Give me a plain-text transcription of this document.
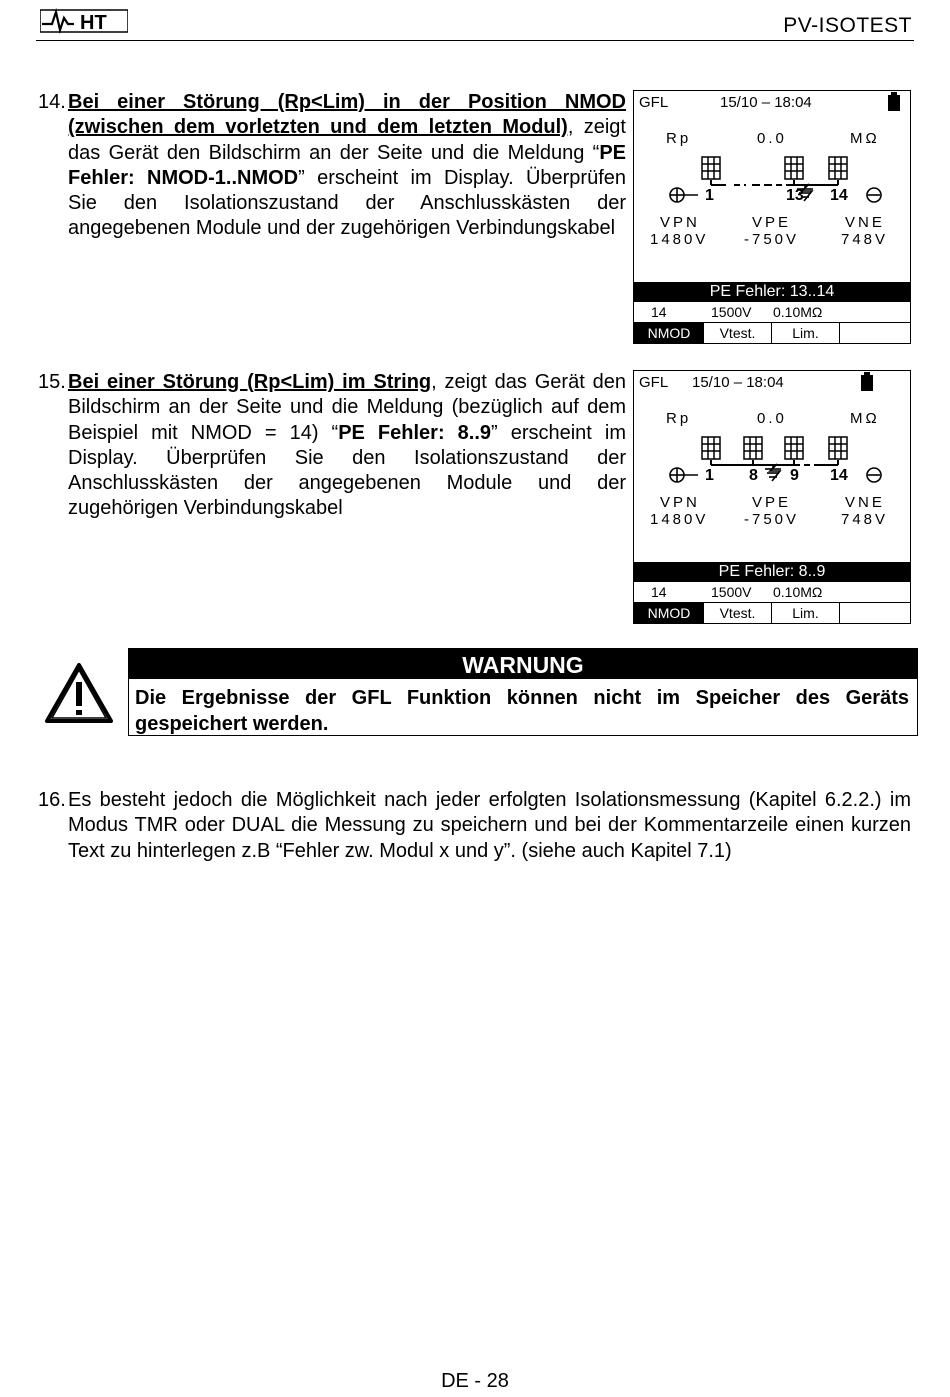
HT	PV-ISOTEST
14. Bei einer Störung (Rp<Lim) in der Position NMOD (zwischen dem vorletzten und dem letzten Modul), zeigt das Gerät den Bildschirm an der Seite und die Meldung “PE Fehler: NMOD-1..NMOD” erscheint im Display. Überprüfen Sie den Isolationszustand der Anschlusskästen der angegebenen Module und der zugehörigen Verbindungskabel
GFL	15/10 – 18:04
Rp	0.0	MΩ
1	13 14
VPN	VPE	VNE
1480V -750V	748V
PE Fehler: 13..14
14	1500V 0.10MΩ
NMOD	Vtest.	Lim.
15. Bei einer Störung (Rp<Lim) im String, zeigt das Gerät den Bildschirm an der Seite und die Meldung (bezüglich auf dem Beispiel mit NMOD = 14) “PE Fehler: 8..9” erscheint im Display. Überprüfen Sie den Isolationszustand der Anschlusskästen der angegebenen Module und der zugehörigen Verbindungskabel
GFL 15/10 – 18:04
Rp	0.0	MΩ
1 8 9 14
VPN	VPE	VNE
1480V -750V	748V
PE Fehler: 8..9
14	1500V 0.10MΩ
NMOD	Vtest.	Lim.
WARNUNG
Die Ergebnisse der GFL Funktion können nicht im Speicher des Geräts gespeichert werden.
16. Es besteht jedoch die Möglichkeit nach jeder erfolgten Isolationsmessung (Kapitel 6.2.2.) im Modus TMR oder DUAL die Messung zu speichern und bei der Kommentarzeile einen kurzen Text zu hinterlegen z.B “Fehler zw. Modul x und y”. (siehe auch Kapitel 7.1)
DE - 28
